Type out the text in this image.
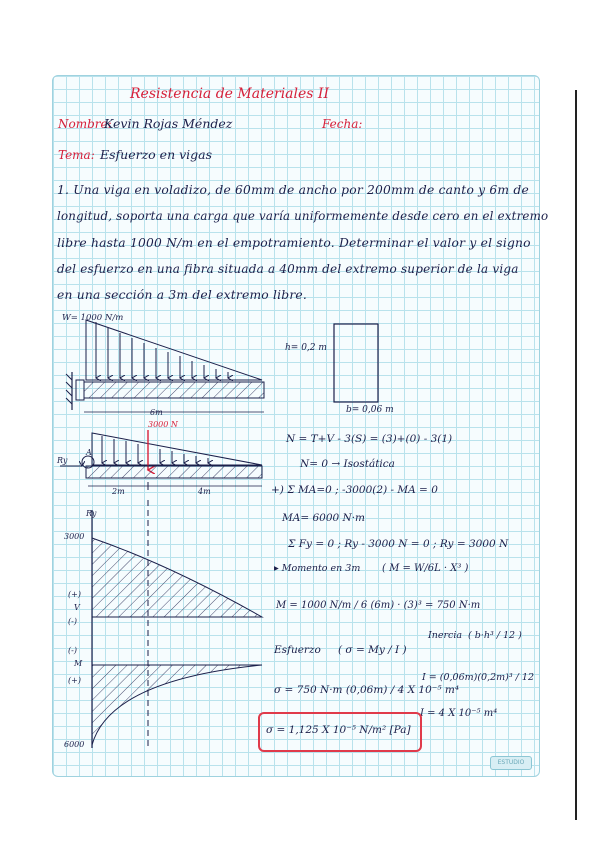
Resistencia de Materiales II
Nombre:
Kevin Rojas Méndez	Fecha:
Tema: Esfuerzo en vigas
1. Una viga en voladizo, de 60mm de ancho por 200mm de canto y 6m de
longitud, soporta una carga que varía uniformemente desde cero en el extremo
libre hasta 1000 N/m en el empotramiento. Determinar el valor y el signo
del esfuerzo en una fibra situada a 40mm del extremo superior de la viga
en una sección a 3m del extremo libre.
W= 1000 N/m
6m
3000 N
Ry
A
2m	4m
Ry
3000
(+)
V
(-)
(-)
M
(+)
6000
h= 0,2 m
b= 0,06 m
N = T+V - 3(S) = (3)+(0) - 3(1)
N= 0 → Isostática
+) Σ MA=0 ; -3000(2) - MA = 0
MA= 6000 N·m
Σ Fy = 0 ; Ry - 3000 N = 0 ; Ry = 3000 N
▸ Momento en 3m ( M = W/6L · X³ )
M = 1000 N/m / 6 (6m) · (3)³ = 750 N·m
Esfuerzo ( σ = My / I )
Inercia ( b·h³ / 12 )
I = (0,06m)(0,2m)³ / 12
I = 4 X 10⁻⁵ m⁴
σ = 750 N·m (0,06m) / 4 X 10⁻⁵ m⁴
σ = 1,125 X 10⁻⁵ N/m² [Pa]
ESTUDIO
